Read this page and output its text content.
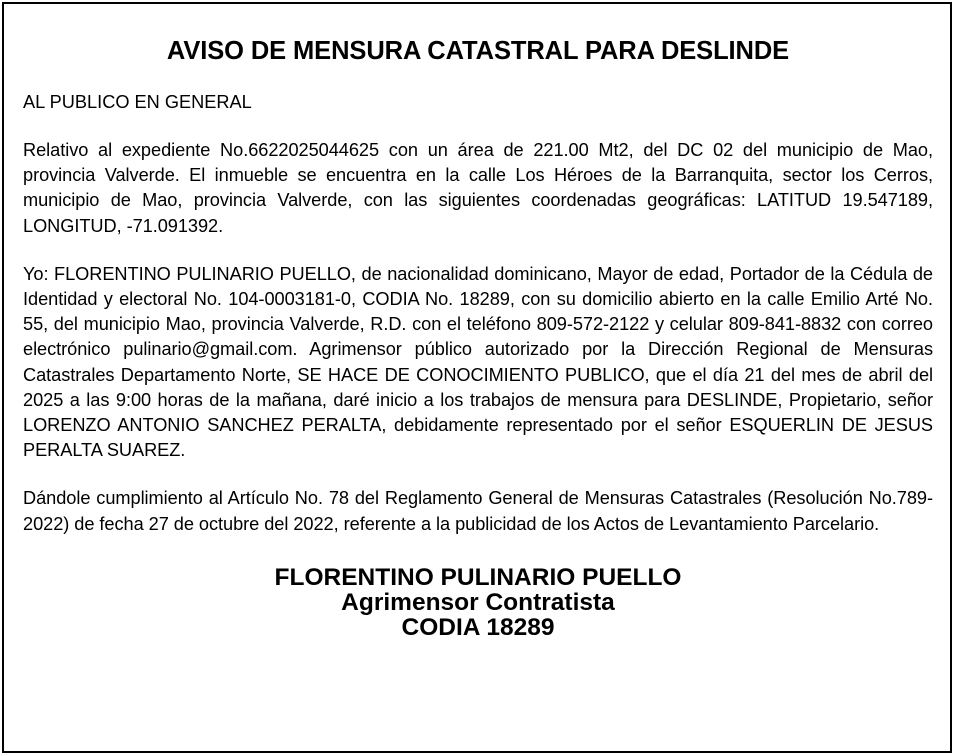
AVISO DE MENSURA CATASTRAL PARA DESLINDE

AL PUBLICO EN GENERAL

Relativo al expediente No.6622025044625 con un área de 221.00 Mt2, del DC 02 del municipio de Mao, provincia Valverde. El inmueble se encuentra en la calle Los Héroes de la Barranquita, sector los Cerros, municipio de Mao, provincia Valverde, con las siguientes coordenadas geográficas: LATITUD 19.547189, LONGITUD, -71.091392.

Yo: FLORENTINO PULINARIO PUELLO, de nacionalidad dominicano, Mayor de edad, Portador de la Cédula de Identidad y electoral No. 104-0003181-0, CODIA No. 18289, con su domicilio abierto en la calle Emilio Arté No. 55, del municipio Mao, provincia Valverde, R.D. con el teléfono 809-572-2122 y celular 809-841-8832 con correo electrónico pulinario@gmail.com. Agrimensor público autorizado por la Dirección Regional de Mensuras Catastrales Departamento Norte, SE HACE DE CONOCIMIENTO PUBLICO, que el día 21 del mes de abril del 2025 a las 9:00 horas de la mañana, daré inicio a los trabajos de mensura para DESLINDE, Propietario, señor LORENZO ANTONIO SANCHEZ PERALTA, debidamente representado por el señor ESQUERLIN DE JESUS PERALTA SUAREZ.

Dándole cumplimiento al Artículo No. 78 del Reglamento General de Mensuras Catastrales (Resolución No.789-2022) de fecha 27 de octubre del 2022, referente a la publicidad de los Actos de Levantamiento Parcelario.

FLORENTINO PULINARIO PUELLO
Agrimensor Contratista
CODIA 18289
